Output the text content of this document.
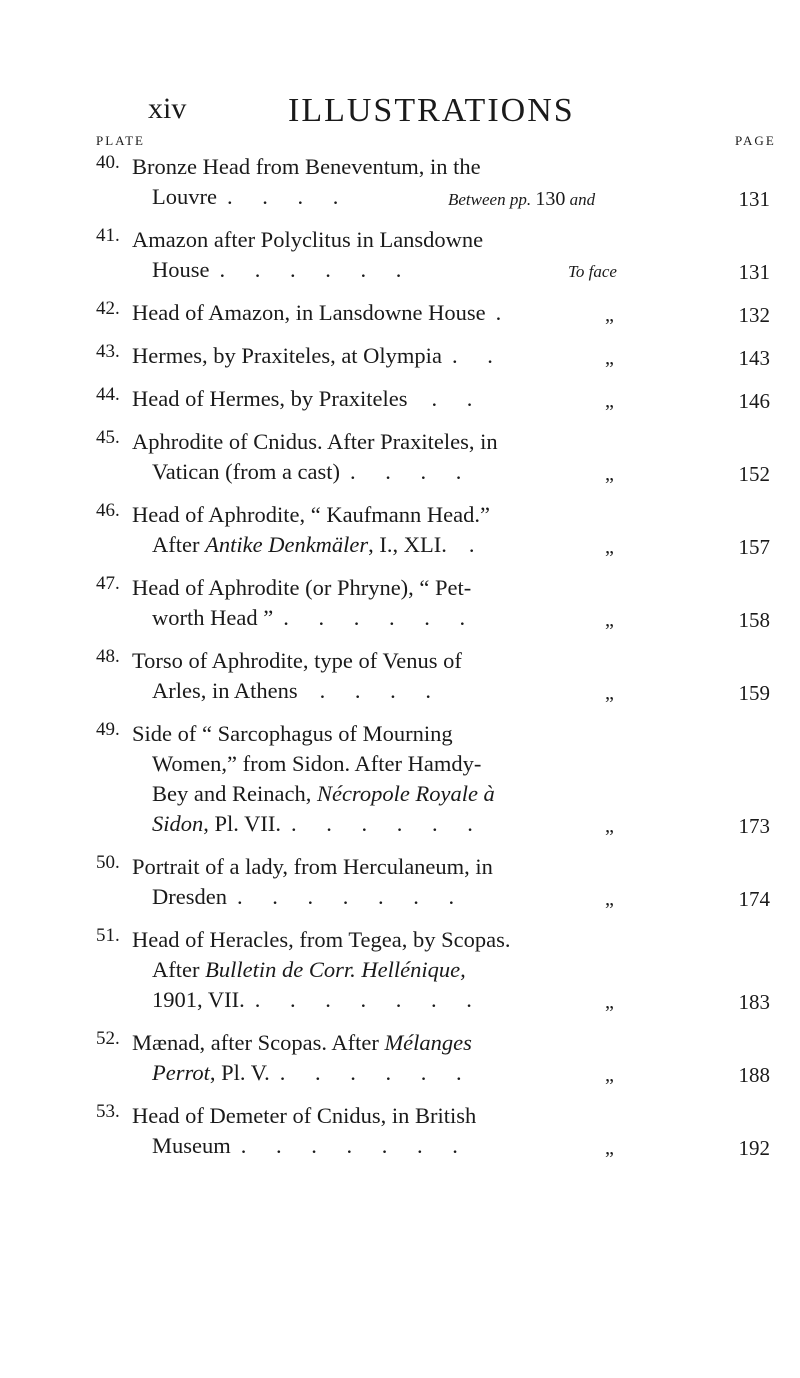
xiv	ILLUSTRATIONS
PLATE	PAGE
40. Bronze Head from Beneventum, in the
Louvre . . . .	Between pp. 130 and	131
41. Amazon after Polyclitus in Lansdowne
House . . . . . .	To face	131
42. Head of Amazon, in Lansdowne House .	„	132
43. Hermes, by Praxiteles, at Olympia . .	„	143
44. Head of Hermes, by Praxiteles . .	„	146
45. Aphrodite of Cnidus. After Praxiteles, in
Vatican (from a cast) . . . .	„	152
46. Head of Aphrodite, “ Kaufmann Head.”
After Antike Denkmäler, I., XLI. .	„	157
47. Head of Aphrodite (or Phryne), “ Pet-
worth Head ” . . . . . .	„	158
48. Torso of Aphrodite, type of Venus of
Arles, in Athens . . . .	„	159
49. Side of “ Sarcophagus of Mourning
Women,” from Sidon. After Hamdy-
Bey and Reinach, Nécropole Royale à
Sidon, Pl. VII. . . . . . .	„	173
50. Portrait of a lady, from Herculaneum, in
Dresden . . . . . . .	„	174
51. Head of Heracles, from Tegea, by Scopas.
After Bulletin de Corr. Hellénique,
1901, VII. . . . . . . .	„	183
52. Mænad, after Scopas. After Mélanges
Perrot, Pl. V. . . . . . .	„	188
53. Head of Demeter of Cnidus, in British
Museum . . . . . . .	„	192
